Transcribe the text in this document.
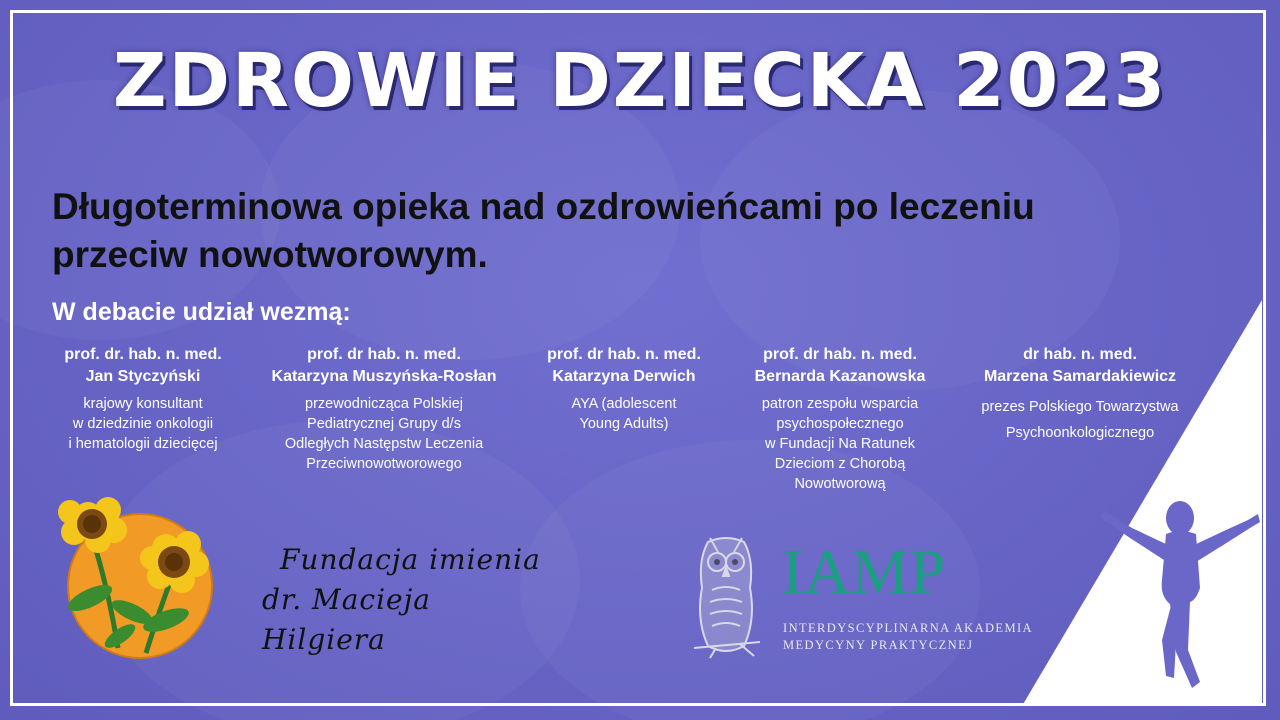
ZDROWIE DZIECKA 2023
Długoterminowa opieka nad ozdrowieńcami po leczeniu
przeciw nowotworowym.
W debacie udział wezmą:
prof. dr. hab. n. med.
Jan Styczyński
krajowy konsultant
w dziedzinie onkologii
i hematologii dziecięcej
prof. dr hab. n. med.
Katarzyna Muszyńska-Rosłan
przewodnicząca Polskiej
Pediatrycznej Grupy d/s
Odległych Następstw Leczenia
Przeciwnowotworowego
prof. dr hab. n. med.
Katarzyna Derwich
AYA (adolescent
Young Adults)
prof. dr hab. n. med.
Bernarda Kazanowska
patron zespołu wsparcia
psychospołecznego
w Fundacji Na Ratunek
Dzieciom z Chorobą
Nowotworową
dr hab. n. med.
Marzena Samardakiewicz
prezes Polskiego Towarzystwa
Psychoonkologicznego
Fundacja imienia
dr. Macieja Hilgiera
IAMP
INTERDYSCYPLINARNA AKADEMIA
MEDYCYNY PRAKTYCZNEJ
